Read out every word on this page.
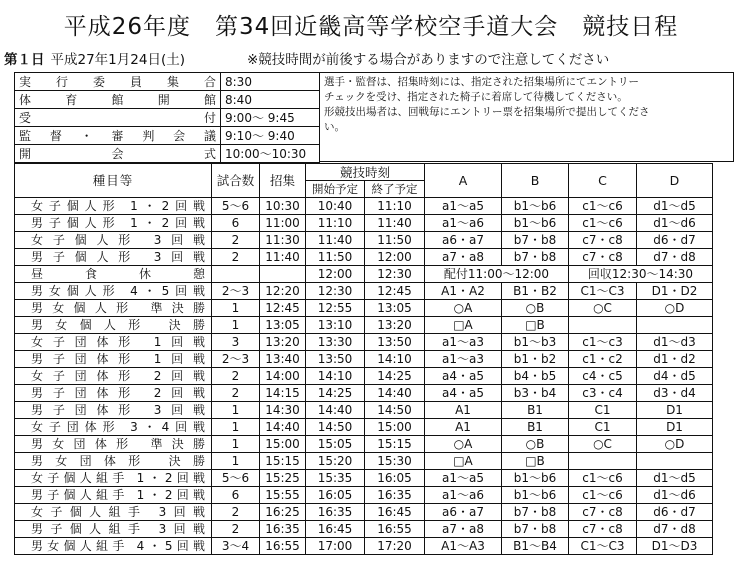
平成26年度　第34回近畿高等学校空手道大会　競技日程
第１日 平成27年1月24日(土)	※競技時間が前後する場合がありますので注意してください
実行委員集合	8:30
体育館開館	8:40
受付	9:00〜 9:45
監督・審判会議	9:10〜 9:40
開会式	10:00〜10:30
選手・監督は、招集時刻には、指定された招集場所にてエントリー
チェックを受け、指定された椅子に着席して待機してください。
形競技出場者は、回戦毎にエントリー票を招集場所で提出してくださ
い。
種目等	試合数	招集	競技時刻		A	B	C	D
			開始予定	終了予定				
女子個人形 1・2回戦	5〜6	10:30	10:40	11:10	a1〜a5	b1〜b6	c1〜c6	d1〜d5
男子個人形 1・2回戦	6	11:00	11:10	11:40	a1〜a6	b1〜b6	c1〜c6	d1〜d6
女子個人形 3回戦	2	11:30	11:40	11:50	a6・a7	b7・b8	c7・c8	d6・d7
男子個人形 3回戦	2	11:40	11:50	12:00	a7・a8	b7・b8	c7・c8	d7・d8
昼食休憩			12:00	12:30	配付11:00〜12:00		回収12:30〜14:30	
男女個人形 4・5回戦	2〜3	12:20	12:30	12:45	A1・A2	B1・B2	C1〜C3	D1・D2
男女個人形 準決勝	1	12:45	12:55	13:05	○A	○B	○C	○D
男女個人形 決勝	1	13:05	13:10	13:20	□A	□B		
女子団体形 1回戦	3	13:20	13:30	13:50	a1〜a3	b1〜b3	c1〜c3	d1〜d3
男子団体形 1回戦	2〜3	13:40	13:50	14:10	a1〜a3	b1・b2	c1・c2	d1・d2
女子団体形 2回戦	2	14:00	14:10	14:25	a4・a5	b4・b5	c4・c5	d4・d5
男子団体形 2回戦	2	14:15	14:25	14:40	a4・a5	b3・b4	c3・c4	d3・d4
男子団体形 3回戦	1	14:30	14:40	14:50	A1	B1	C1	D1
女子団体形 3・4回戦	1	14:40	14:50	15:00	A1	B1	C1	D1
男女団体形 準決勝	1	15:00	15:05	15:15	○A	○B	○C	○D
男女団体形 決勝	1	15:15	15:20	15:30	□A	□B		
女子個人組手 1・2回戦	5〜6	15:25	15:35	16:05	a1〜a5	b1〜b6	c1〜c6	d1〜d5
男子個人組手 1・2回戦	6	15:55	16:05	16:35	a1〜a6	b1〜b6	c1〜c6	d1〜d6
女子個人組手 3回戦	2	16:25	16:35	16:45	a6・a7	b7・b8	c7・c8	d6・d7
男子個人組手 3回戦	2	16:35	16:45	16:55	a7・a8	b7・b8	c7・c8	d7・d8
男女個人組手 4・5回戦	3〜4	16:55	17:00	17:20	A1〜A3	B1〜B4	C1〜C3	D1〜D3
